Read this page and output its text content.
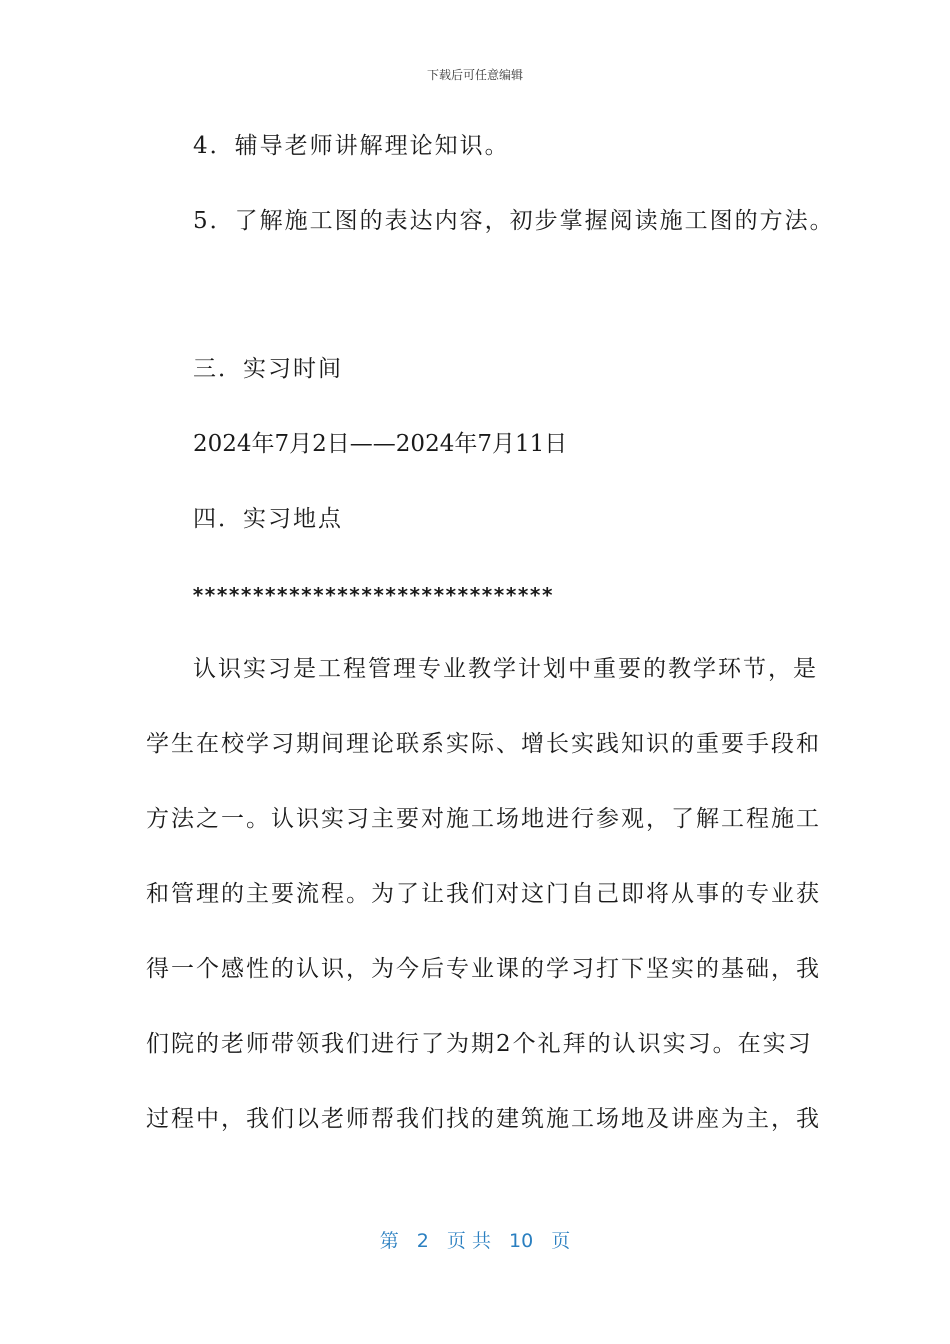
下载后可任意编辑
4．辅导老师讲解理论知识。
5．了解施工图的表达内容，初步掌握阅读施工图的方法。
三．实习时间
2024年7月2日——2024年7月11日
四．实习地点
******************************
认识实习是工程管理专业教学计划中重要的教学环节，是
学生在校学习期间理论联系实际、增长实践知识的重要手段和
方法之一。认识实习主要对施工场地进行参观，了解工程施工
和管理的主要流程。为了让我们对这门自己即将从事的专业获
得一个感性的认识，为今后专业课的学习打下坚实的基础，我
们院的老师带领我们进行了为期2个礼拜的认识实习。在实习
过程中，我们以老师帮我们找的建筑施工场地及讲座为主，我
第 2 页 共 10 页
